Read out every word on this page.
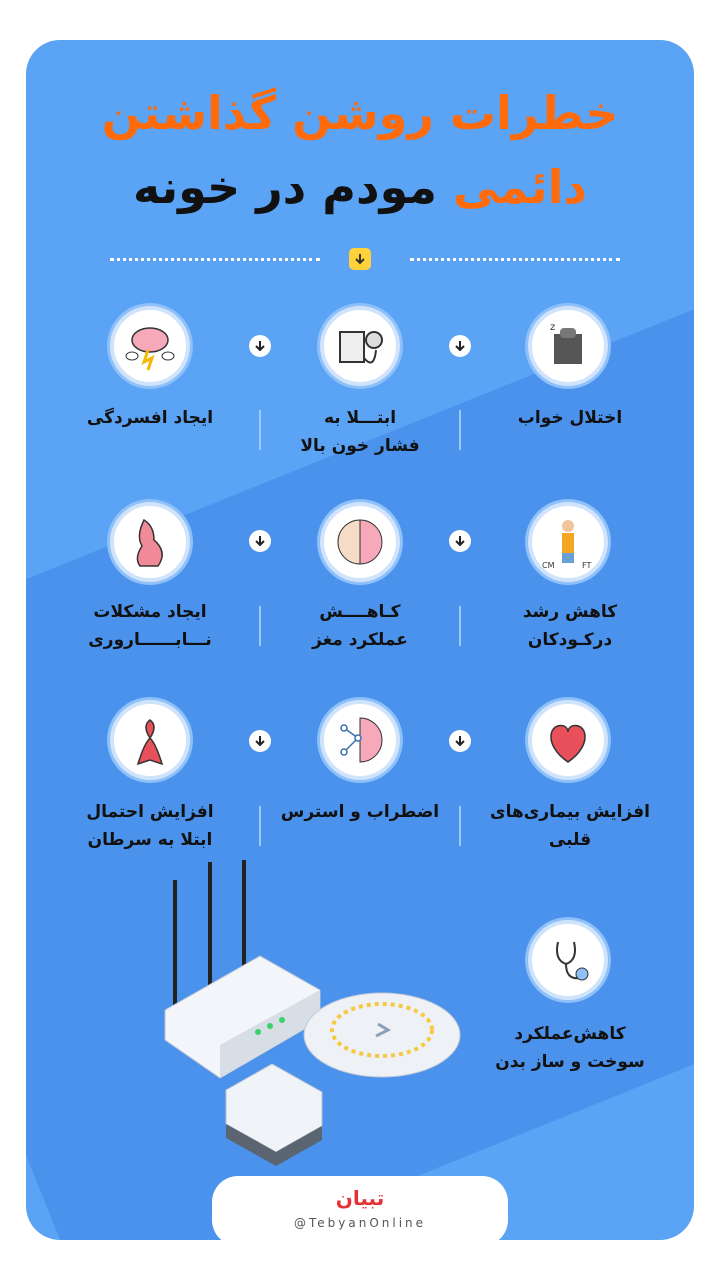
خطرات روشن گذاشتن
دائمی مودم در خونه
z
اختلال خواب
ابتـــلا به
فشار خون بالا
ایجاد افسردگی
CM	FT
کاهش رشد
درکـودکان
کـاهــــش
عملکرد مغز
ایجاد مشکلات
نـــابــــــاروری
افزایش بیماری‌های
قلبی
اضطراب و استرس
افزایش احتمال
ابتلا به سرطان
کاهش‌عملکرد
سوخت و ساز بدن
تبیان
@TebyanOnline
